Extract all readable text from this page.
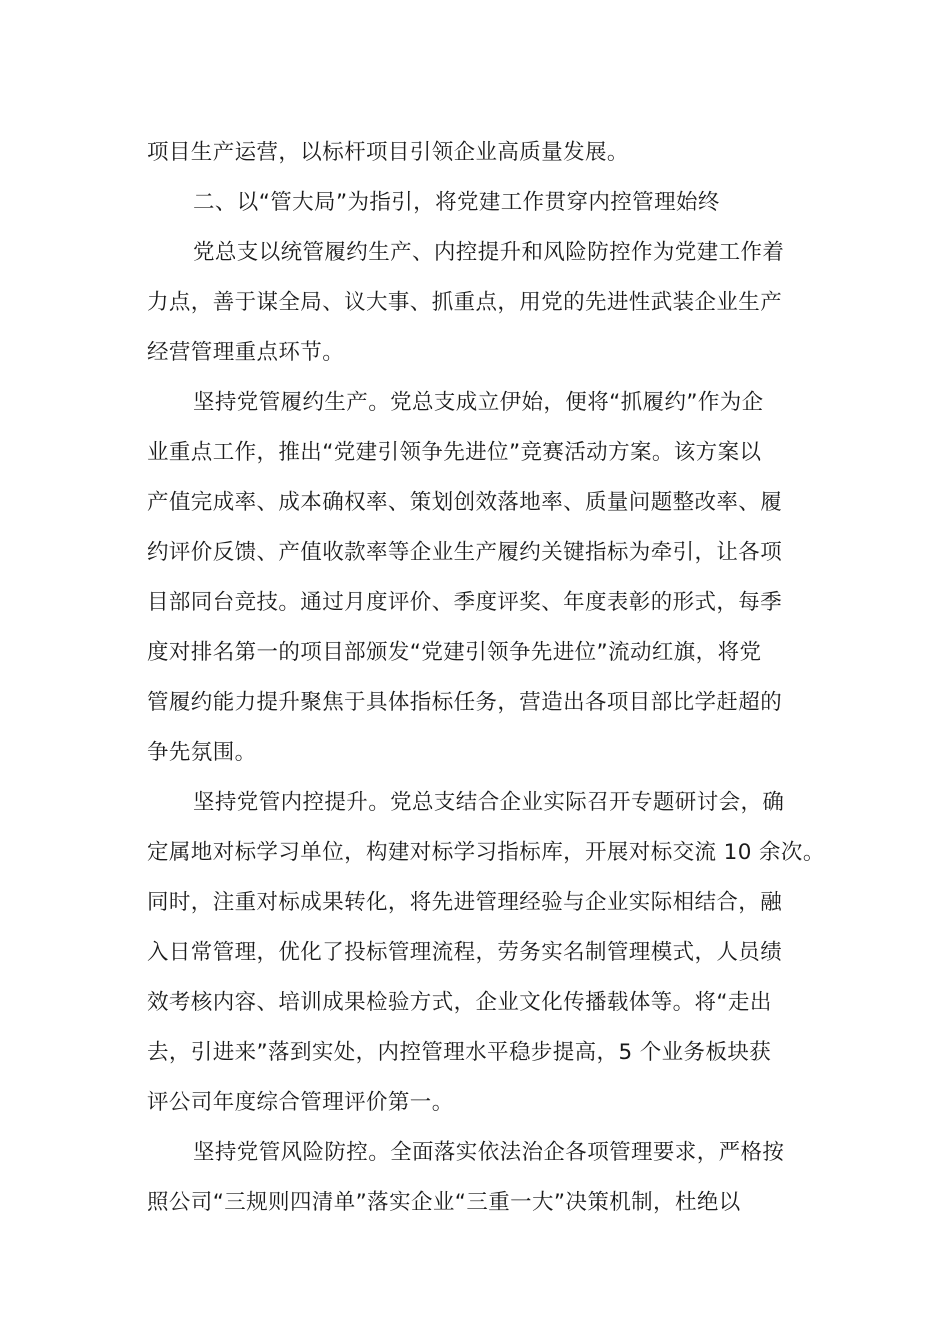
项目生产运营，以标杆项目引领企业高质量发展。
二、以“管大局”为指引，将党建工作贯穿内控管理始终
党总支以统管履约生产、内控提升和风险防控作为党建工作着
力点，善于谋全局、议大事、抓重点，用党的先进性武装企业生产
经营管理重点环节。
坚持党管履约生产。党总支成立伊始，便将“抓履约”作为企
业重点工作，推出“党建引领争先进位”竞赛活动方案。该方案以
产值完成率、成本确权率、策划创效落地率、质量问题整改率、履
约评价反馈、产值收款率等企业生产履约关键指标为牵引，让各项
目部同台竞技。通过月度评价、季度评奖、年度表彰的形式，每季
度对排名第一的项目部颁发“党建引领争先进位”流动红旗，将党
管履约能力提升聚焦于具体指标任务，营造出各项目部比学赶超的
争先氛围。
坚持党管内控提升。党总支结合企业实际召开专题研讨会，确
定属地对标学习单位，构建对标学习指标库，开展对标交流 10 余次。
同时，注重对标成果转化，将先进管理经验与企业实际相结合，融
入日常管理，优化了投标管理流程，劳务实名制管理模式，人员绩
效考核内容、培训成果检验方式，企业文化传播载体等。将“走出
去，引进来”落到实处，内控管理水平稳步提高，5 个业务板块获
评公司年度综合管理评价第一。
坚持党管风险防控。全面落实依法治企各项管理要求，严格按
照公司“三规则四清单”落实企业“三重一大”决策机制，杜绝以
